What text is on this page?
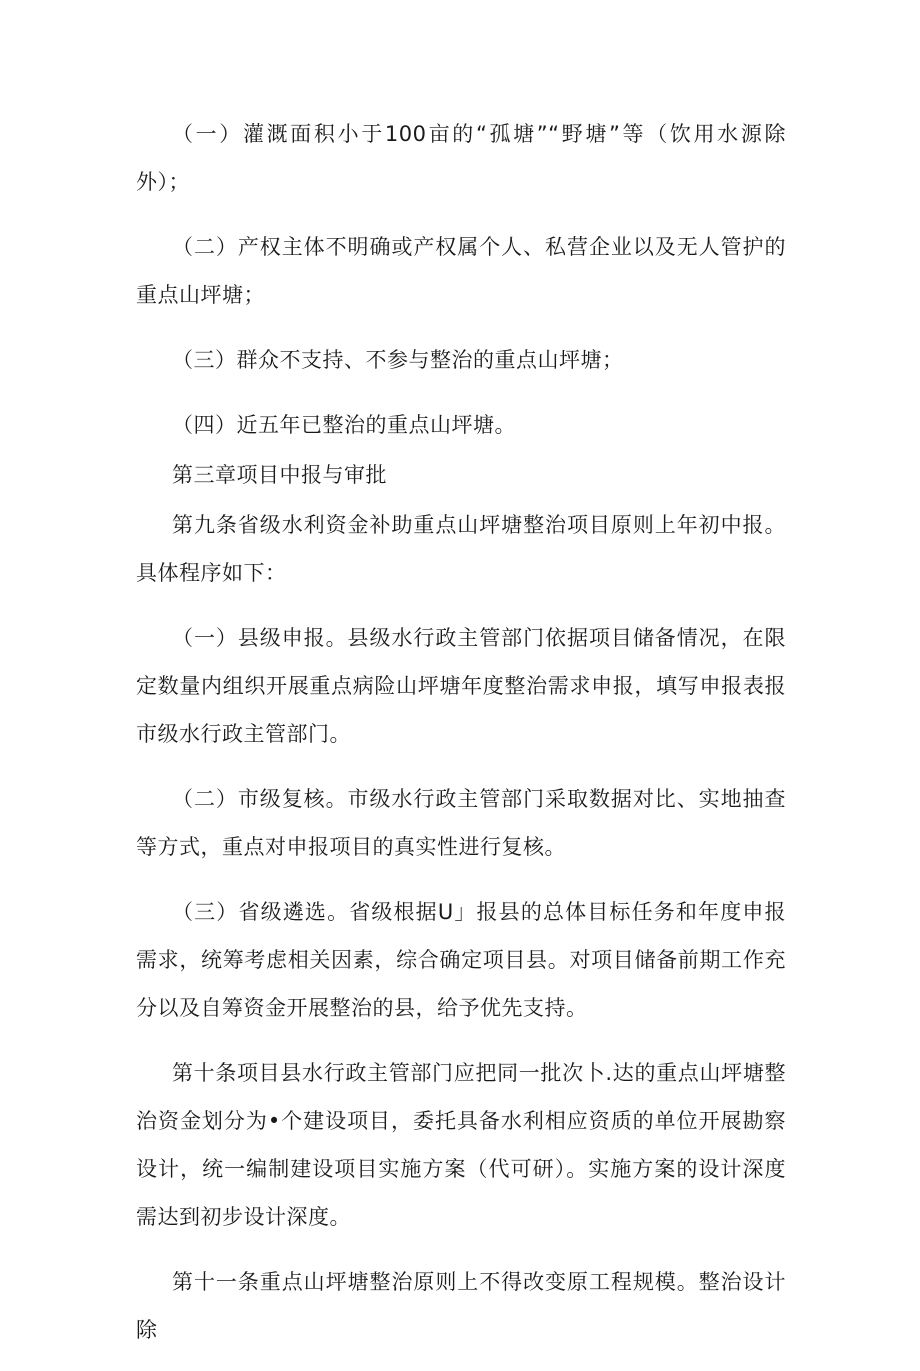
（一）灌溉面积小于100亩的“孤塘”“野塘”等（饮用水源除外）；

（二）产权主体不明确或产权属个人、私营企业以及无人管护的重点山坪塘；

（三）群众不支持、不参与整治的重点山坪塘；

（四）近五年已整治的重点山坪塘。

第三章项目中报与审批

第九条省级水利资金补助重点山坪塘整治项目原则上年初中报。具体程序如下：

（一）县级申报。县级水行政主管部门依据项目储备情况，在限定数量内组织开展重点病险山坪塘年度整治需求申报，填写申报表报市级水行政主管部门。

（二）市级复核。市级水行政主管部门采取数据对比、实地抽查等方式，重点对申报项目的真实性进行复核。

（三）省级遴选。省级根据U」报县的总体目标任务和年度申报需求，统筹考虑相关因素，综合确定项目县。对项目储备前期工作充分以及自筹资金开展整治的县，给予优先支持。

第十条项目县水行政主管部门应把同一批次卜.达的重点山坪塘整治资金划分为•个建设项目，委托具备水利相应资质的单位开展勘察设计，统一编制建设项目实施方案（代可研）。实施方案的设计深度需达到初步设计深度。

第十一条重点山坪塘整治原则上不得改变原工程规模。整治设计除
